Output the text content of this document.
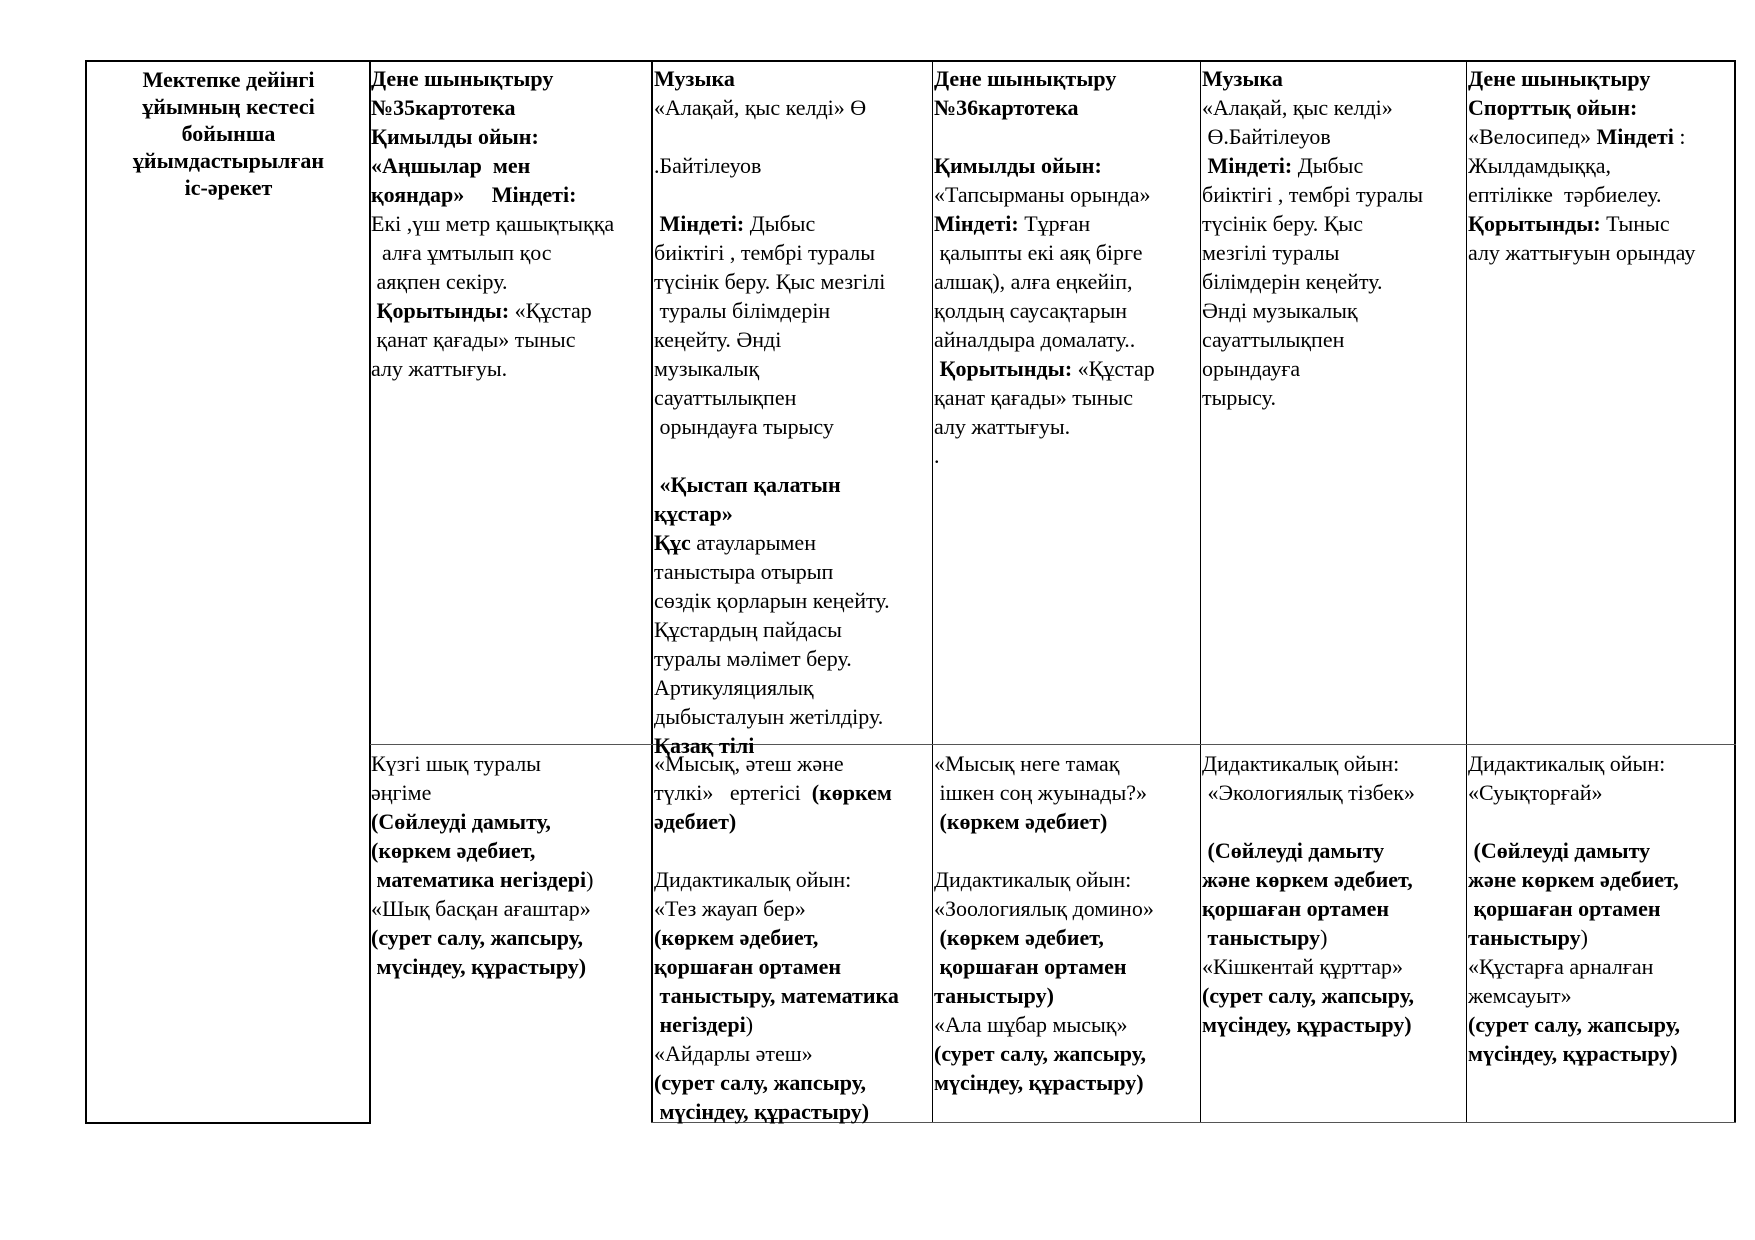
Мектепке дейінгі
ұйымның кестесі
бойынша
ұйымдастырылған
іс-әрекет
Дене шынықтыру
№35картотека
Қимылды ойын:
«Аңшылар  мен
қояндар»     Міндеті:
Екі ,үш метр қашықтыққа
алға ұмтылып қос
аяқпен секіру.
Қорытынды: «Құстар
қанат қағады» тыныс
алу жаттығуы.
Музыка
«Алақай, қыс келді» Ө

.Байтілеуов

Міндеті: Дыбыс
биіктігі , тембрі туралы
түсінік беру. Қыс мезгілі
туралы білімдерін
кеңейту. Әнді
музыкалық
сауаттылықпен
орындауға тырысу

«Қыстап қалатын
құстар»
Құс атауларымен
таныстыра отырып
сөздік қорларын кеңейту.
Құстардың пайдасы
туралы мәлімет беру.
Артикуляциялық
дыбысталуын жетілдіру.
Қазақ тілі
Дене шынықтыру
№36картотека

Қимылды ойын:
«Тапсырманы орында»
Міндеті: Тұрған
қалыпты екі аяқ бірге
алшақ), алға еңкейіп,
қолдың саусақтарын
айналдыра домалату..
Қорытынды: «Құстар
қанат қағады» тыныс
алу жаттығуы.
.
Музыка
«Алақай, қыс келді»
Ө.Байтілеуов
Міндеті: Дыбыс
биіктігі , тембрі туралы
түсінік беру. Қыс
мезгілі туралы
білімдерін кеңейту.
Әнді музыкалық
сауаттылықпен
орындауға
тырысу.
Дене шынықтыру
Спорттық ойын:
«Велосипед» Міндеті :
Жылдамдыққа,
ептілікке  тәрбиелеу.
Қорытынды: Тыныс
алу жаттығуын орындау
Күзгі шық туралы
әңгіме
(Сөйлеуді дамыту,
(көркем әдебиет,
математика негіздері)
«Шық басқан ағаштар»
(сурет салу, жапсыру,
мүсіндеу, құрастыру)
«Мысық, әтеш және
түлкі»   ертегісі  (көркем
әдебиет)

Дидактикалық ойын:
«Тез жауап бер»
(көркем әдебиет,
қоршаған ортамен
таныстыру, математика
негіздері)
«Айдарлы әтеш»
(сурет салу, жапсыру,
мүсіндеу, құрастыру)
«Мысық неге тамақ
ішкен соң жуынады?»
(көркем әдебиет)

Дидактикалық ойын:
«Зоологиялық домино»
(көркем әдебиет,
қоршаған ортамен
таныстыру)
«Ала шұбар мысық»
(сурет салу, жапсыру,
мүсіндеу, құрастыру)
Дидактикалық ойын:
«Экологиялық тізбек»

(Сөйлеуді дамыту
және көркем әдебиет,
қоршаған ортамен
таныстыру)
«Кішкентай құрттар»
(сурет салу, жапсыру,
мүсіндеу, құрастыру)
Дидактикалық ойын:
«Суықторғай»

(Сөйлеуді дамыту
және көркем әдебиет,
қоршаған ортамен
таныстыру)
«Құстарға арналған
жемсауыт»
(сурет салу, жапсыру,
мүсіндеу, құрастыру)
